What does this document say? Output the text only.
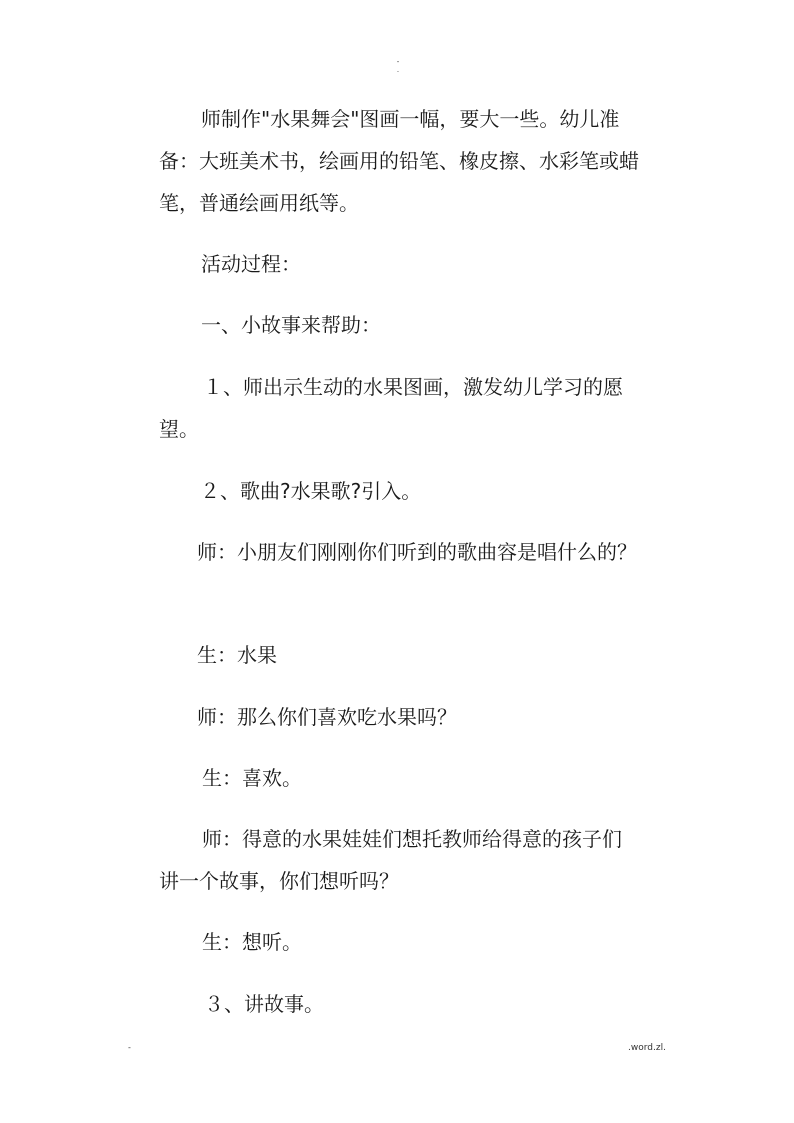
-
.

师制作"水果舞会"图画一幅，要大一些。幼儿准备：大班美术书，绘画用的铅笔、橡皮擦、水彩笔或蜡笔，普通绘画用纸等。

活动过程：

一、小故事来帮助：

１、师出示生动的水果图画，激发幼儿学习的愿望。

２、歌曲?水果歌?引入。

师：小朋友们刚刚你们听到的歌曲容是唱什么的？

生：水果

师：那么你们喜欢吃水果吗？

生：喜欢。

师：得意的水果娃娃们想托教师给得意的孩子们讲一个故事，你们想听吗？

生：想听。

３、讲故事。

-	.word.zl.
